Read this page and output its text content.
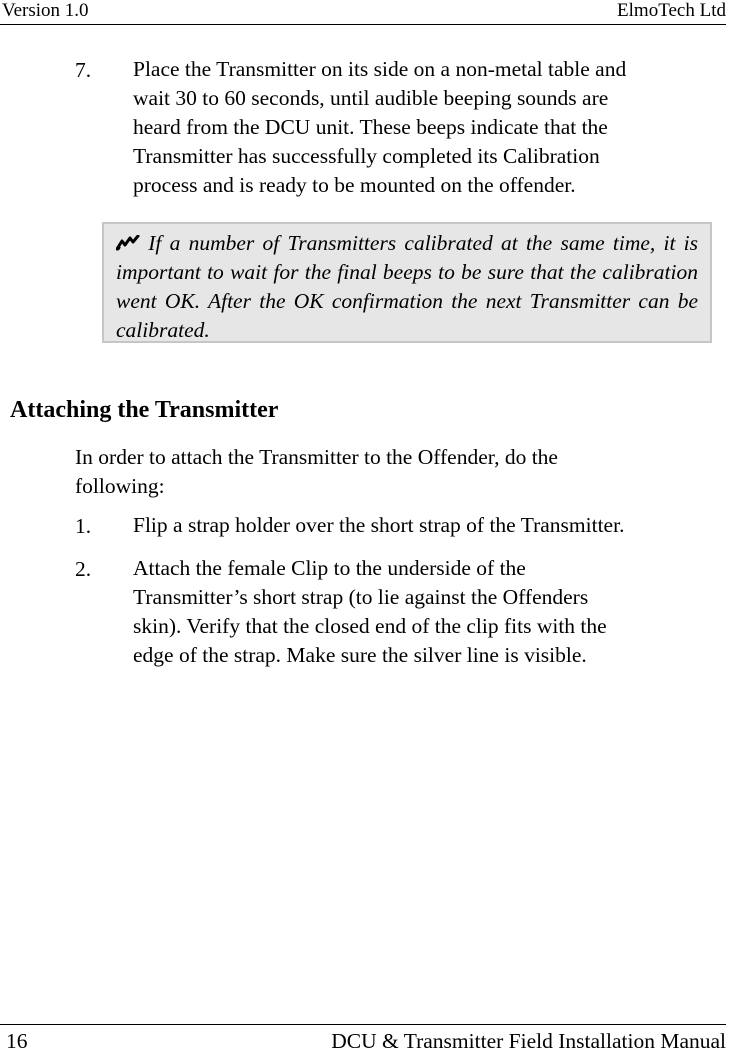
Version 1.0	ElmoTech Ltd
7. Place the Transmitter on its side on a non-metal table and
wait 30 to 60 seconds, until audible beeping sounds are
heard from the DCU unit. These beeps indicate that the
Transmitter has successfully completed its Calibration
process and is ready to be mounted on the offender.

If a number of Transmitters calibrated at the same time, it is important to wait for the final beeps to be sure that the calibration went OK. After the OK confirmation the next Transmitter can be calibrated.

Attaching the Transmitter
In order to attach the Transmitter to the Offender, do the
following:
1. Flip a strap holder over the short strap of the Transmitter.
2. Attach the female Clip to the underside of the
Transmitter’s short strap (to lie against the Offenders
skin). Verify that the closed end of the clip fits with the
edge of the strap. Make sure the silver line is visible.
16	DCU & Transmitter Field Installation Manual
